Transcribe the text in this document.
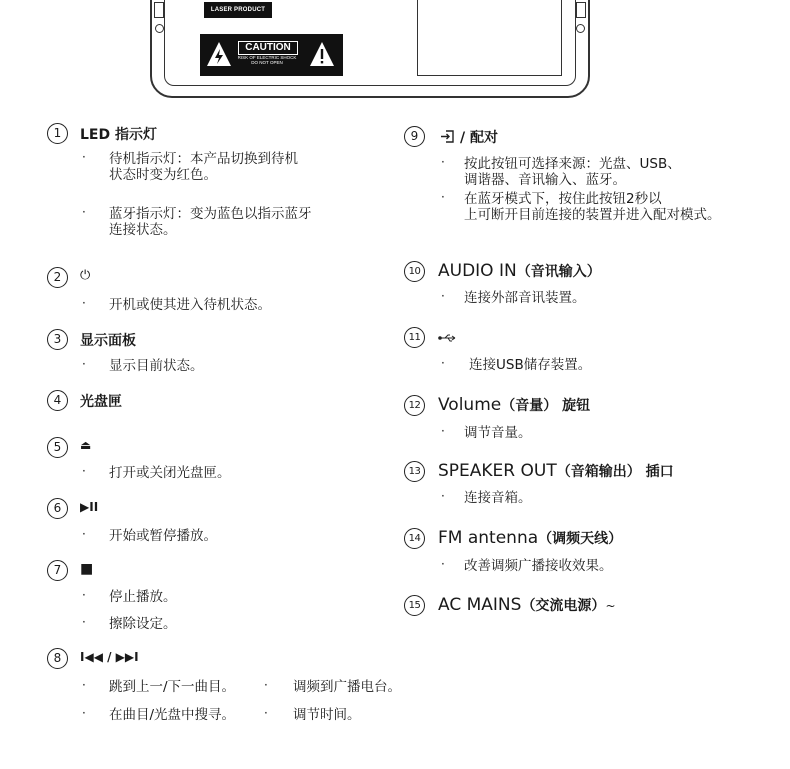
LASER PRODUCT
CAUTION
RISK OF ELECTRIC SHOCK
DO NOT OPEN
1	LED 指示灯
· 待机指示灯：本产品切换到待机
状态时变为红色。
· 蓝牙指示灯：变为蓝色以指示蓝牙
连接状态。
2	⏻
· 开机或使其进入待机状态。
3	显示面板
· 显示目前状态。
4	光盘匣
5	⏏
· 打开或关闭光盘匣。
6	▶II
· 开始或暂停播放。
7	■
· 停止播放。
· 擦除设定。
8	I◀◀ / ▶▶I
· 跳到上一/下一曲目。 · 调频到广播电台。
· 在曲目/光盘中搜寻。 · 调节时间。
9	/ 配对
· 按此按钮可选择来源：光盘、USB、
调谐器、音讯输入、蓝牙。
· 在蓝牙模式下，按住此按钮2秒以
上可断开目前连接的装置并进入配对模式。
10 AUDIO IN（音讯输入）
· 连接外部音讯装置。
11
· 连接USB储存装置。
12 Volume（音量） 旋钮
· 调节音量。
13 SPEAKER OUT（音箱输出） 插口
· 连接音箱。
14 FM antenna（调频天线）
· 改善调频广播接收效果。
15 AC MAINS（交流电源）~
